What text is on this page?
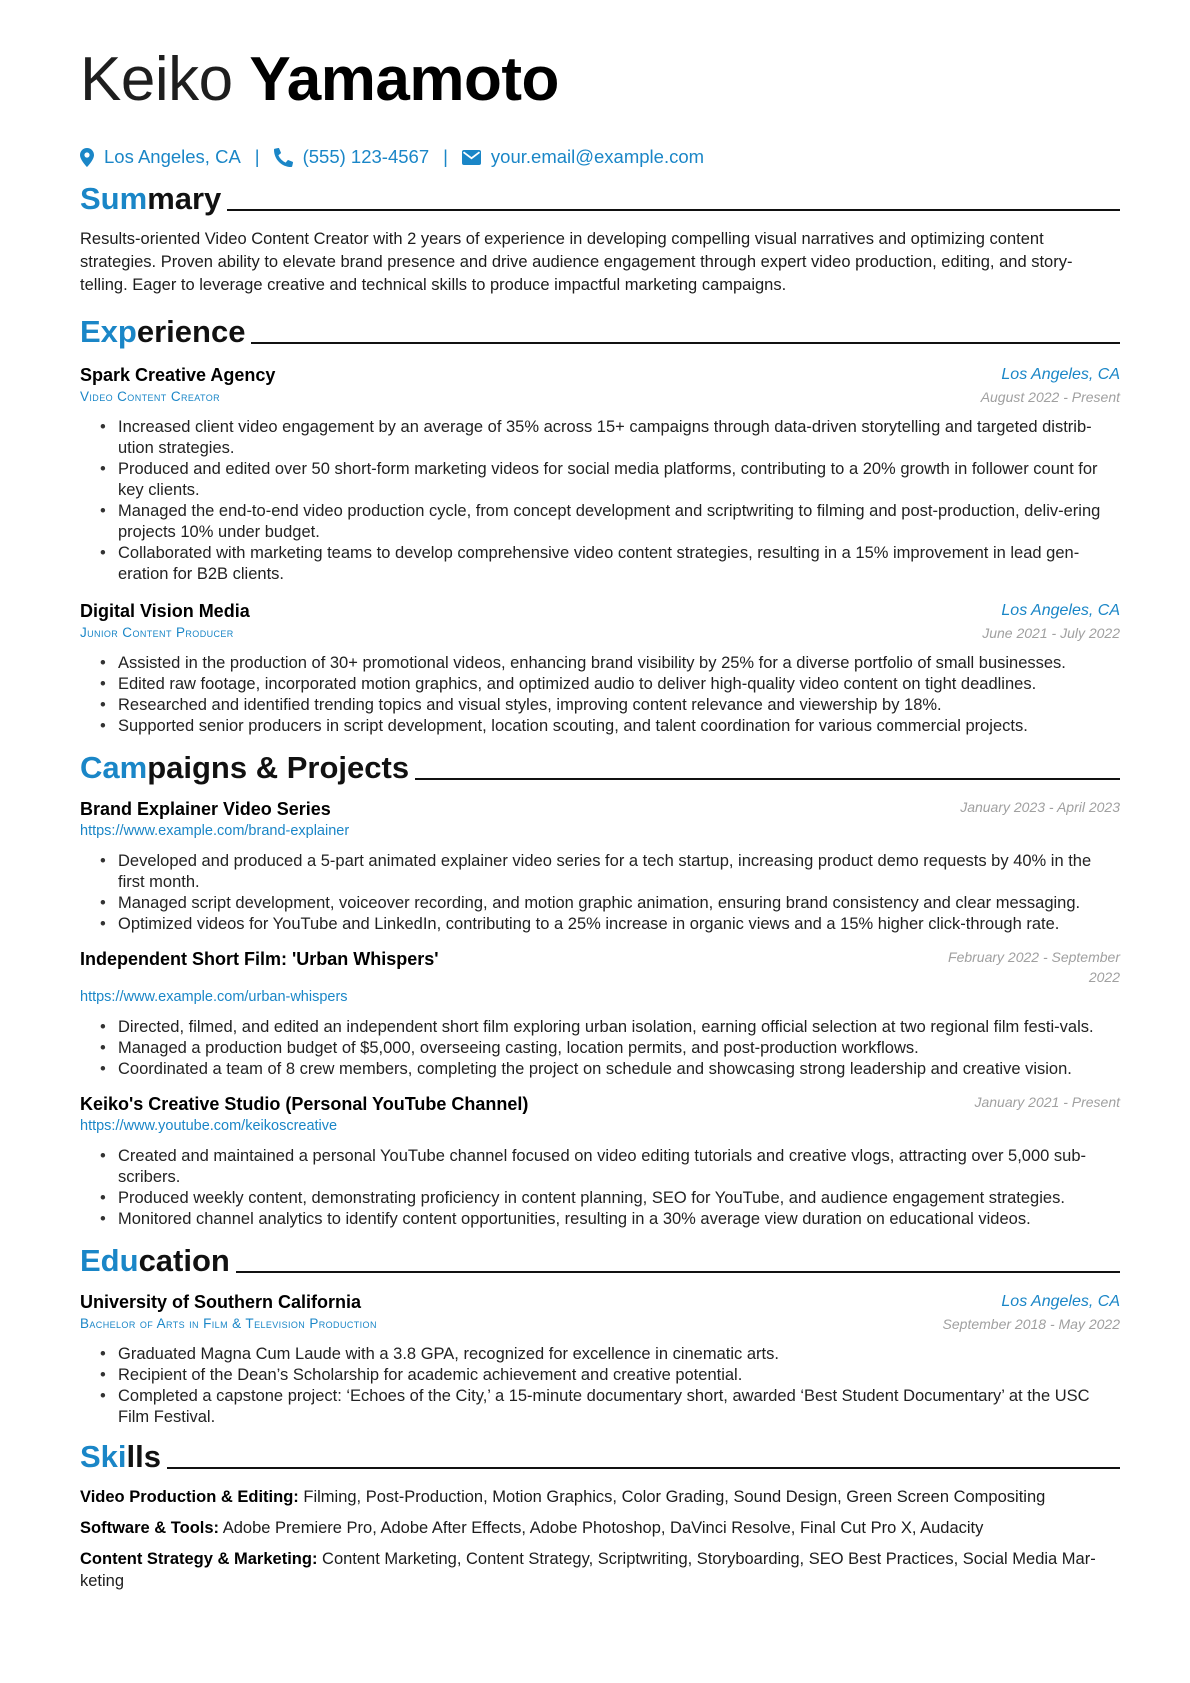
Keiko Yamamoto
Los Angeles, CA | (555) 123-4567 | your.email@example.com
Summary
Results-oriented Video Content Creator with 2 years of experience in developing compelling visual narratives and optimizing content strategies. Proven ability to elevate brand presence and drive audience engagement through expert video production, editing, and story-telling. Eager to leverage creative and technical skills to produce impactful marketing campaigns.
Experience
Spark Creative Agency	Los Angeles, CA
Video Content Creator	August 2022 - Present
• Increased client video engagement by an average of 35% across 15+ campaigns through data-driven storytelling and targeted distrib-ution strategies.
• Produced and edited over 50 short-form marketing videos for social media platforms, contributing to a 20% growth in follower count for key clients.
• Managed the end-to-end video production cycle, from concept development and scriptwriting to filming and post-production, deliv-ering projects 10% under budget.
• Collaborated with marketing teams to develop comprehensive video content strategies, resulting in a 15% improvement in lead gen-eration for B2B clients.
Digital Vision Media	Los Angeles, CA
Junior Content Producer	June 2021 - July 2022
• Assisted in the production of 30+ promotional videos, enhancing brand visibility by 25% for a diverse portfolio of small businesses.
• Edited raw footage, incorporated motion graphics, and optimized audio to deliver high-quality video content on tight deadlines.
• Researched and identified trending topics and visual styles, improving content relevance and viewership by 18%.
• Supported senior producers in script development, location scouting, and talent coordination for various commercial projects.
Campaigns & Projects
Brand Explainer Video Series	January 2023 - April 2023
https://www.example.com/brand-explainer
• Developed and produced a 5-part animated explainer video series for a tech startup, increasing product demo requests by 40% in the first month.
• Managed script development, voiceover recording, and motion graphic animation, ensuring brand consistency and clear messaging.
• Optimized videos for YouTube and LinkedIn, contributing to a 25% increase in organic views and a 15% higher click-through rate.
Independent Short Film: 'Urban Whispers'	February 2022 - September 2022
https://www.example.com/urban-whispers
• Directed, filmed, and edited an independent short film exploring urban isolation, earning official selection at two regional film festi-vals.
• Managed a production budget of $5,000, overseeing casting, location permits, and post-production workflows.
• Coordinated a team of 8 crew members, completing the project on schedule and showcasing strong leadership and creative vision.
Keiko's Creative Studio (Personal YouTube Channel)	January 2021 - Present
https://www.youtube.com/keikoscreative
• Created and maintained a personal YouTube channel focused on video editing tutorials and creative vlogs, attracting over 5,000 sub-scribers.
• Produced weekly content, demonstrating proficiency in content planning, SEO for YouTube, and audience engagement strategies.
• Monitored channel analytics to identify content opportunities, resulting in a 30% average view duration on educational videos.
Education
University of Southern California	Los Angeles, CA
Bachelor of Arts in Film & Television Production	September 2018 - May 2022
• Graduated Magna Cum Laude with a 3.8 GPA, recognized for excellence in cinematic arts.
• Recipient of the Dean’s Scholarship for academic achievement and creative potential.
• Completed a capstone project: ‘Echoes of the City,’ a 15-minute documentary short, awarded ‘Best Student Documentary’ at the USC Film Festival.
Skills
Video Production & Editing: Filming, Post-Production, Motion Graphics, Color Grading, Sound Design, Green Screen Compositing
Software & Tools: Adobe Premiere Pro, Adobe After Effects, Adobe Photoshop, DaVinci Resolve, Final Cut Pro X, Audacity
Content Strategy & Marketing: Content Marketing, Content Strategy, Scriptwriting, Storyboarding, SEO Best Practices, Social Media Mar-keting
